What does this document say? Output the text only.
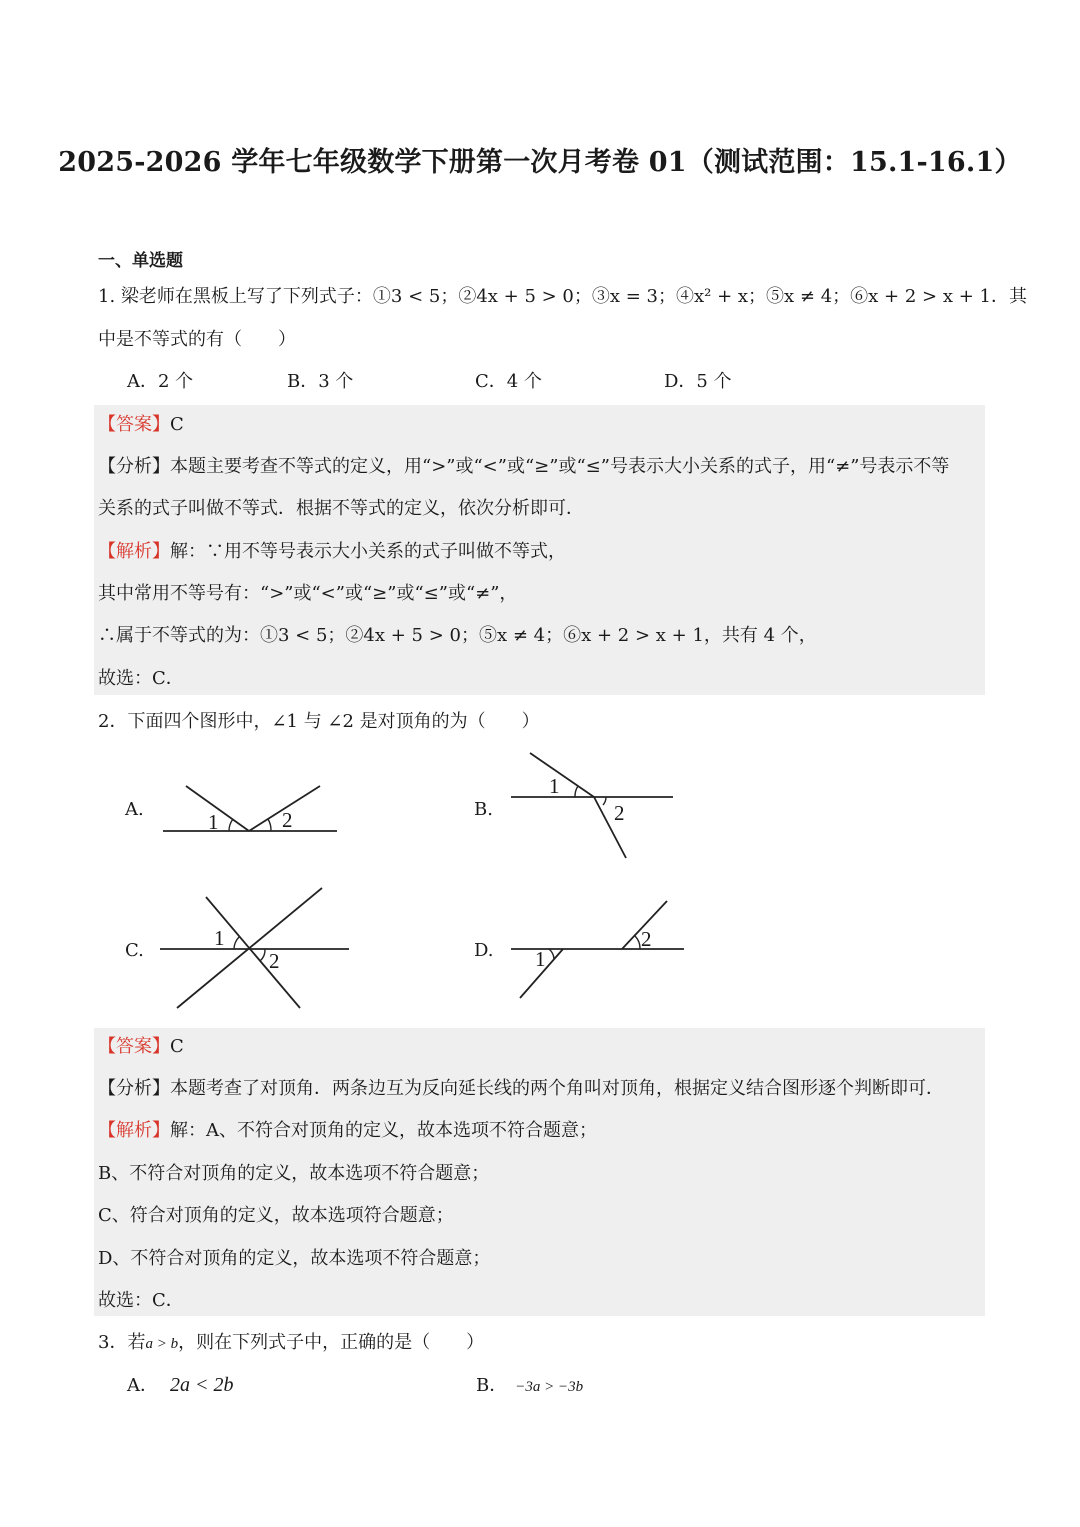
2025-2026 学年七年级数学下册第一次月考卷 01（测试范围：15.1-16.1）
一、单选题
1. 梁老师在黑板上写了下列式子：①3 < 5；②4x + 5 > 0；③x = 3；④x² + x；⑤x ≠ 4；⑥x + 2 > x + 1．其
中是不等式的有（　　）
A．2 个	B．3 个	C．4 个	D．5 个
【答案】C
【分析】本题主要考查不等式的定义，用“>”或“<”或“≥”或“≤”号表示大小关系的式子，用“≠”号表示不等
关系的式子叫做不等式．根据不等式的定义，依次分析即可．
【解析】解：∵用不等号表示大小关系的式子叫做不等式，
其中常用不等号有：“>”或“<”或“≥”或“≤”或“≠”，
∴属于不等式的为：①3 < 5；②4x + 5 > 0；⑤x ≠ 4；⑥x + 2 > x + 1，共有 4 个，
故选：C．
2．下面四个图形中，∠1 与 ∠2 是对顶角的为（　　）
A.
1	2	B.
1
2
C.
1
2	D. 1
2
【答案】C
【分析】本题考查了对顶角．两条边互为反向延长线的两个角叫对顶角，根据定义结合图形逐个判断即可．
【解析】解：A、不符合对顶角的定义，故本选项不符合题意；
B、不符合对顶角的定义，故本选项不符合题意；
C、符合对顶角的定义，故本选项符合题意；
D、不符合对顶角的定义，故本选项不符合题意；
故选：C．
3．若a > b，则在下列式子中，正确的是（　　）
A． 2a < 2b	B． −3a > −3b
